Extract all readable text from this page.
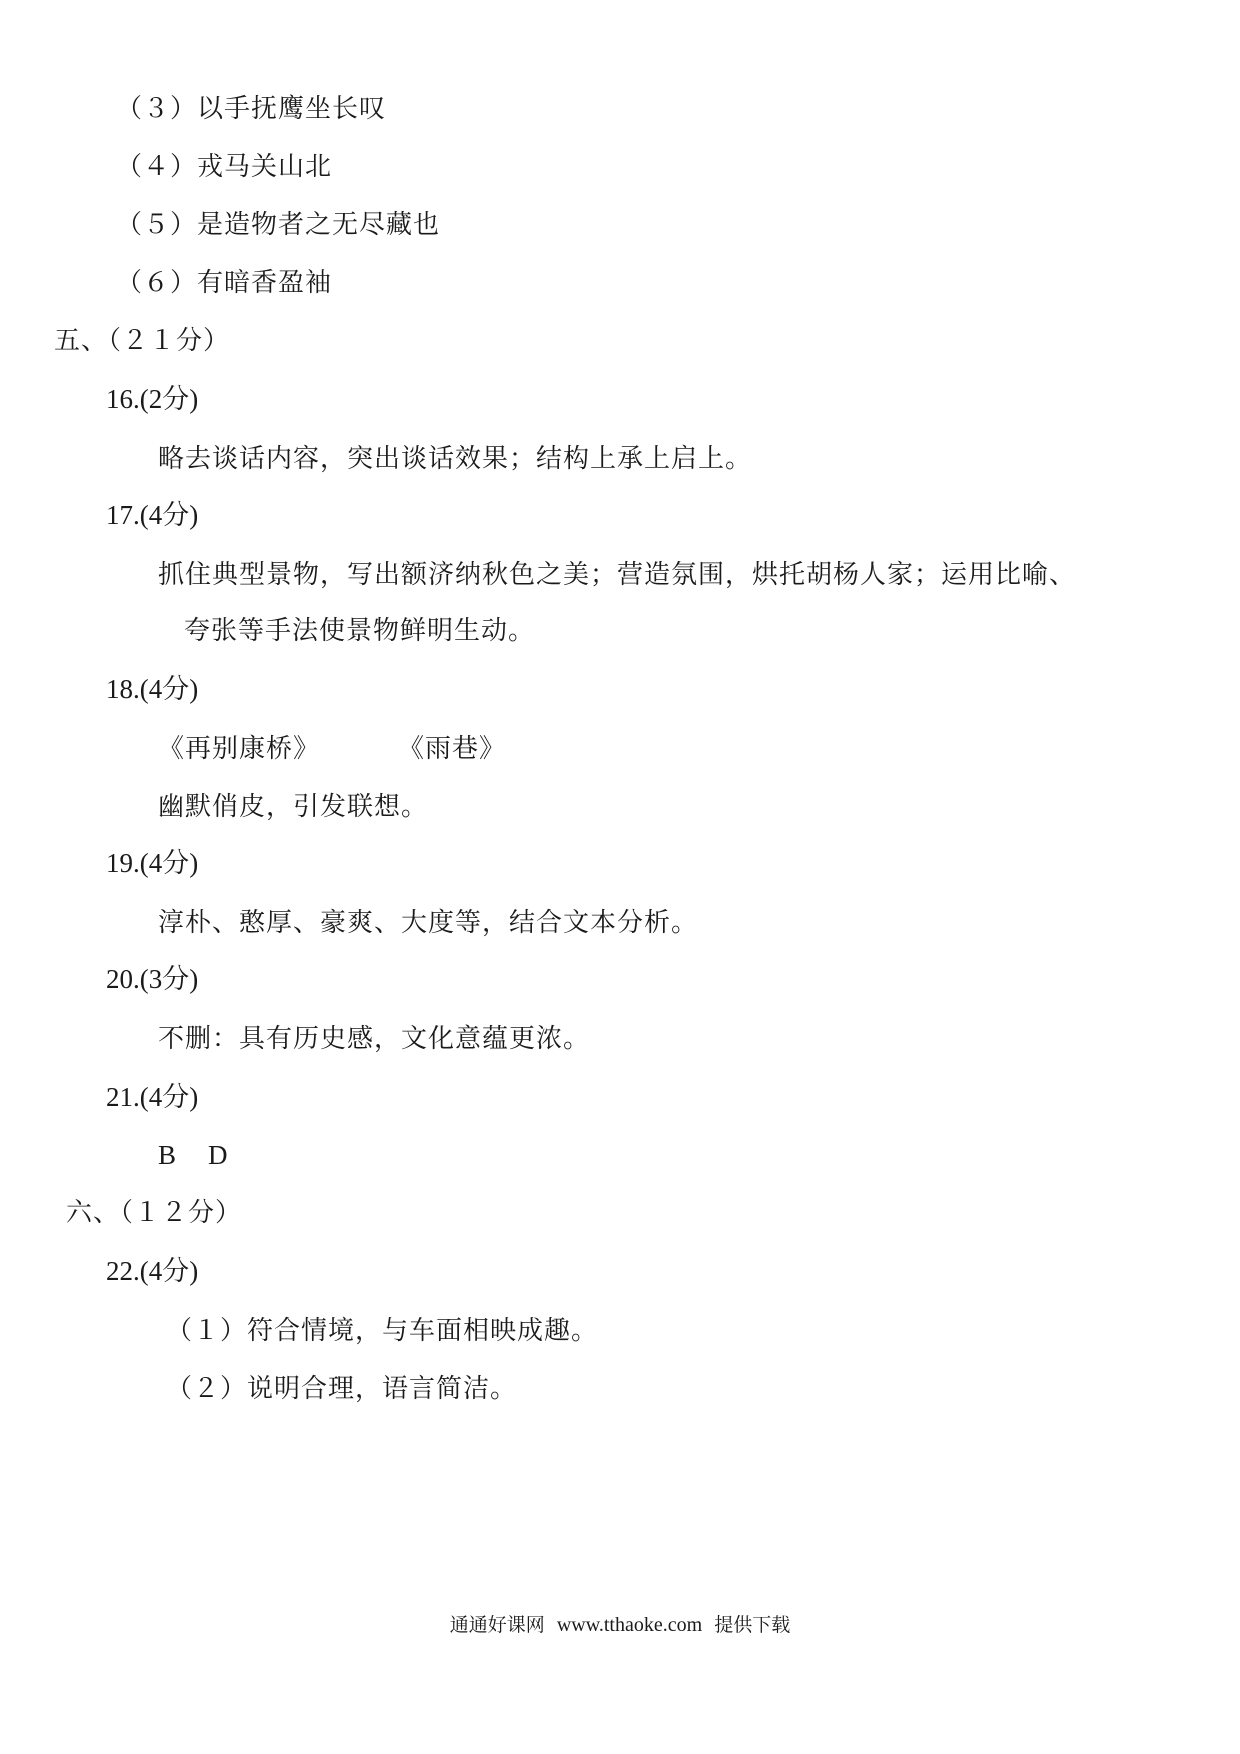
（３）以手抚鹰坐长叹
（４）戎马关山北
（５）是造物者之无尽藏也
（６）有暗香盈袖
五、（２１分）
16.(2分)
略去谈话内容，突出谈话效果；结构上承上启上。
17.(4分)
抓住典型景物，写出额济纳秋色之美；营造氛围，烘托胡杨人家；运用比喻、
夸张等手法使景物鲜明生动。
18.(4分)
《再别康桥》	《雨巷》
幽默俏皮，引发联想。
19.(4分)
淳朴、憨厚、豪爽、大度等，结合文本分析。
20.(3分)
不删：具有历史感，文化意蕴更浓。
21.(4分)
B D
六、（１２分）
22.(4分)
（１）符合情境，与车面相映成趣。
（２）说明合理，语言简洁。
通通好课网 www.tthaoke.com 提供下载
